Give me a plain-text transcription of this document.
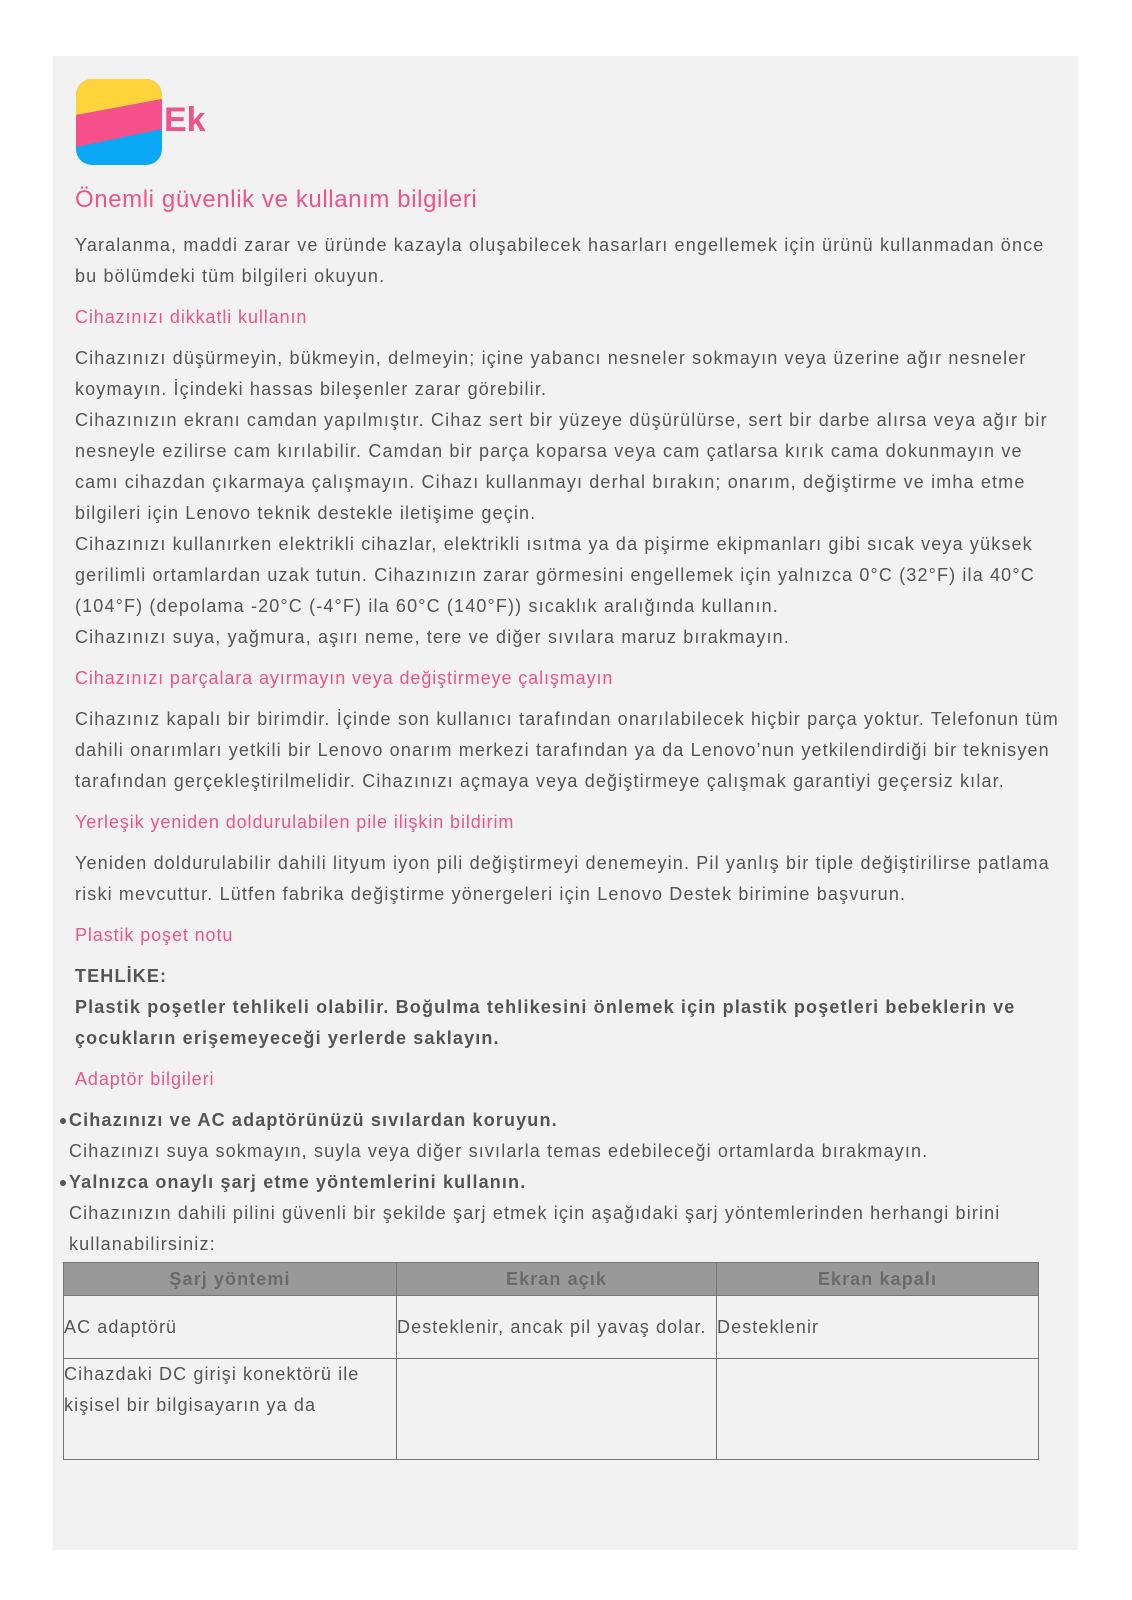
Ek
Önemli güvenlik ve kullanım bilgileri

Yaralanma, maddi zarar ve üründe kazayla oluşabilecek hasarları engellemek için ürünü kullanmadan önce bu bölümdeki tüm bilgileri okuyun.

Cihazınızı dikkatli kullanın

Cihazınızı düşürmeyin, bükmeyin, delmeyin; içine yabancı nesneler sokmayın veya üzerine ağır nesneler koymayın. İçindeki hassas bileşenler zarar görebilir.

Cihazınızın ekranı camdan yapılmıştır. Cihaz sert bir yüzeye düşürülürse, sert bir darbe alırsa veya ağır bir nesneyle ezilirse cam kırılabilir. Camdan bir parça koparsa veya cam çatlarsa kırık cama dokunmayın ve camı cihazdan çıkarmaya çalışmayın. Cihazı kullanmayı derhal bırakın; onarım, değiştirme ve imha etme bilgileri için Lenovo teknik destekle iletişime geçin.

Cihazınızı kullanırken elektrikli cihazlar, elektrikli ısıtma ya da pişirme ekipmanları gibi sıcak veya yüksek gerilimli ortamlardan uzak tutun. Cihazınızın zarar görmesini engellemek için yalnızca 0°C (32°F) ila 40°C (104°F) (depolama -20°C (-4°F) ila 60°C (140°F)) sıcaklık aralığında kullanın.

Cihazınızı suya, yağmura, aşırı neme, tere ve diğer sıvılara maruz bırakmayın.

Cihazınızı parçalara ayırmayın veya değiştirmeye çalışmayın

Cihazınız kapalı bir birimdir. İçinde son kullanıcı tarafından onarılabilecek hiçbir parça yoktur. Telefonun tüm dahili onarımları yetkili bir Lenovo onarım merkezi tarafından ya da Lenovo’nun yetkilendirdiği bir teknisyen tarafından gerçekleştirilmelidir. Cihazınızı açmaya veya değiştirmeye çalışmak garantiyi geçersiz kılar.

Yerleşik yeniden doldurulabilen pile ilişkin bildirim

Yeniden doldurulabilir dahili lityum iyon pili değiştirmeyi denemeyin. Pil yanlış bir tiple değiştirilirse patlama riski mevcuttur. Lütfen fabrika değiştirme yönergeleri için Lenovo Destek birimine başvurun.

Plastik poşet notu

TEHLİKE:

Plastik poşetler tehlikeli olabilir. Boğulma tehlikesini önlemek için plastik poşetleri bebeklerin ve çocukların erişemeyeceği yerlerde saklayın.

Adaptör bilgileri

Cihazınızı ve AC adaptörünüzü sıvılardan koruyun.

Cihazınızı suya sokmayın, suyla veya diğer sıvılarla temas edebileceği ortamlarda bırakmayın.

Yalnızca onaylı şarj etme yöntemlerini kullanın.

Cihazınızın dahili pilini güvenli bir şekilde şarj etmek için aşağıdaki şarj yöntemlerinden herhangi birini kullanabilirsiniz:

Şarj yöntemi	Ekran açık	Ekran kapalı
AC adaptörü	Desteklenir, ancak pil yavaş dolar.	Desteklenir
Cihazdaki DC girişi konektörü ile kişisel bir bilgisayarın ya da		
